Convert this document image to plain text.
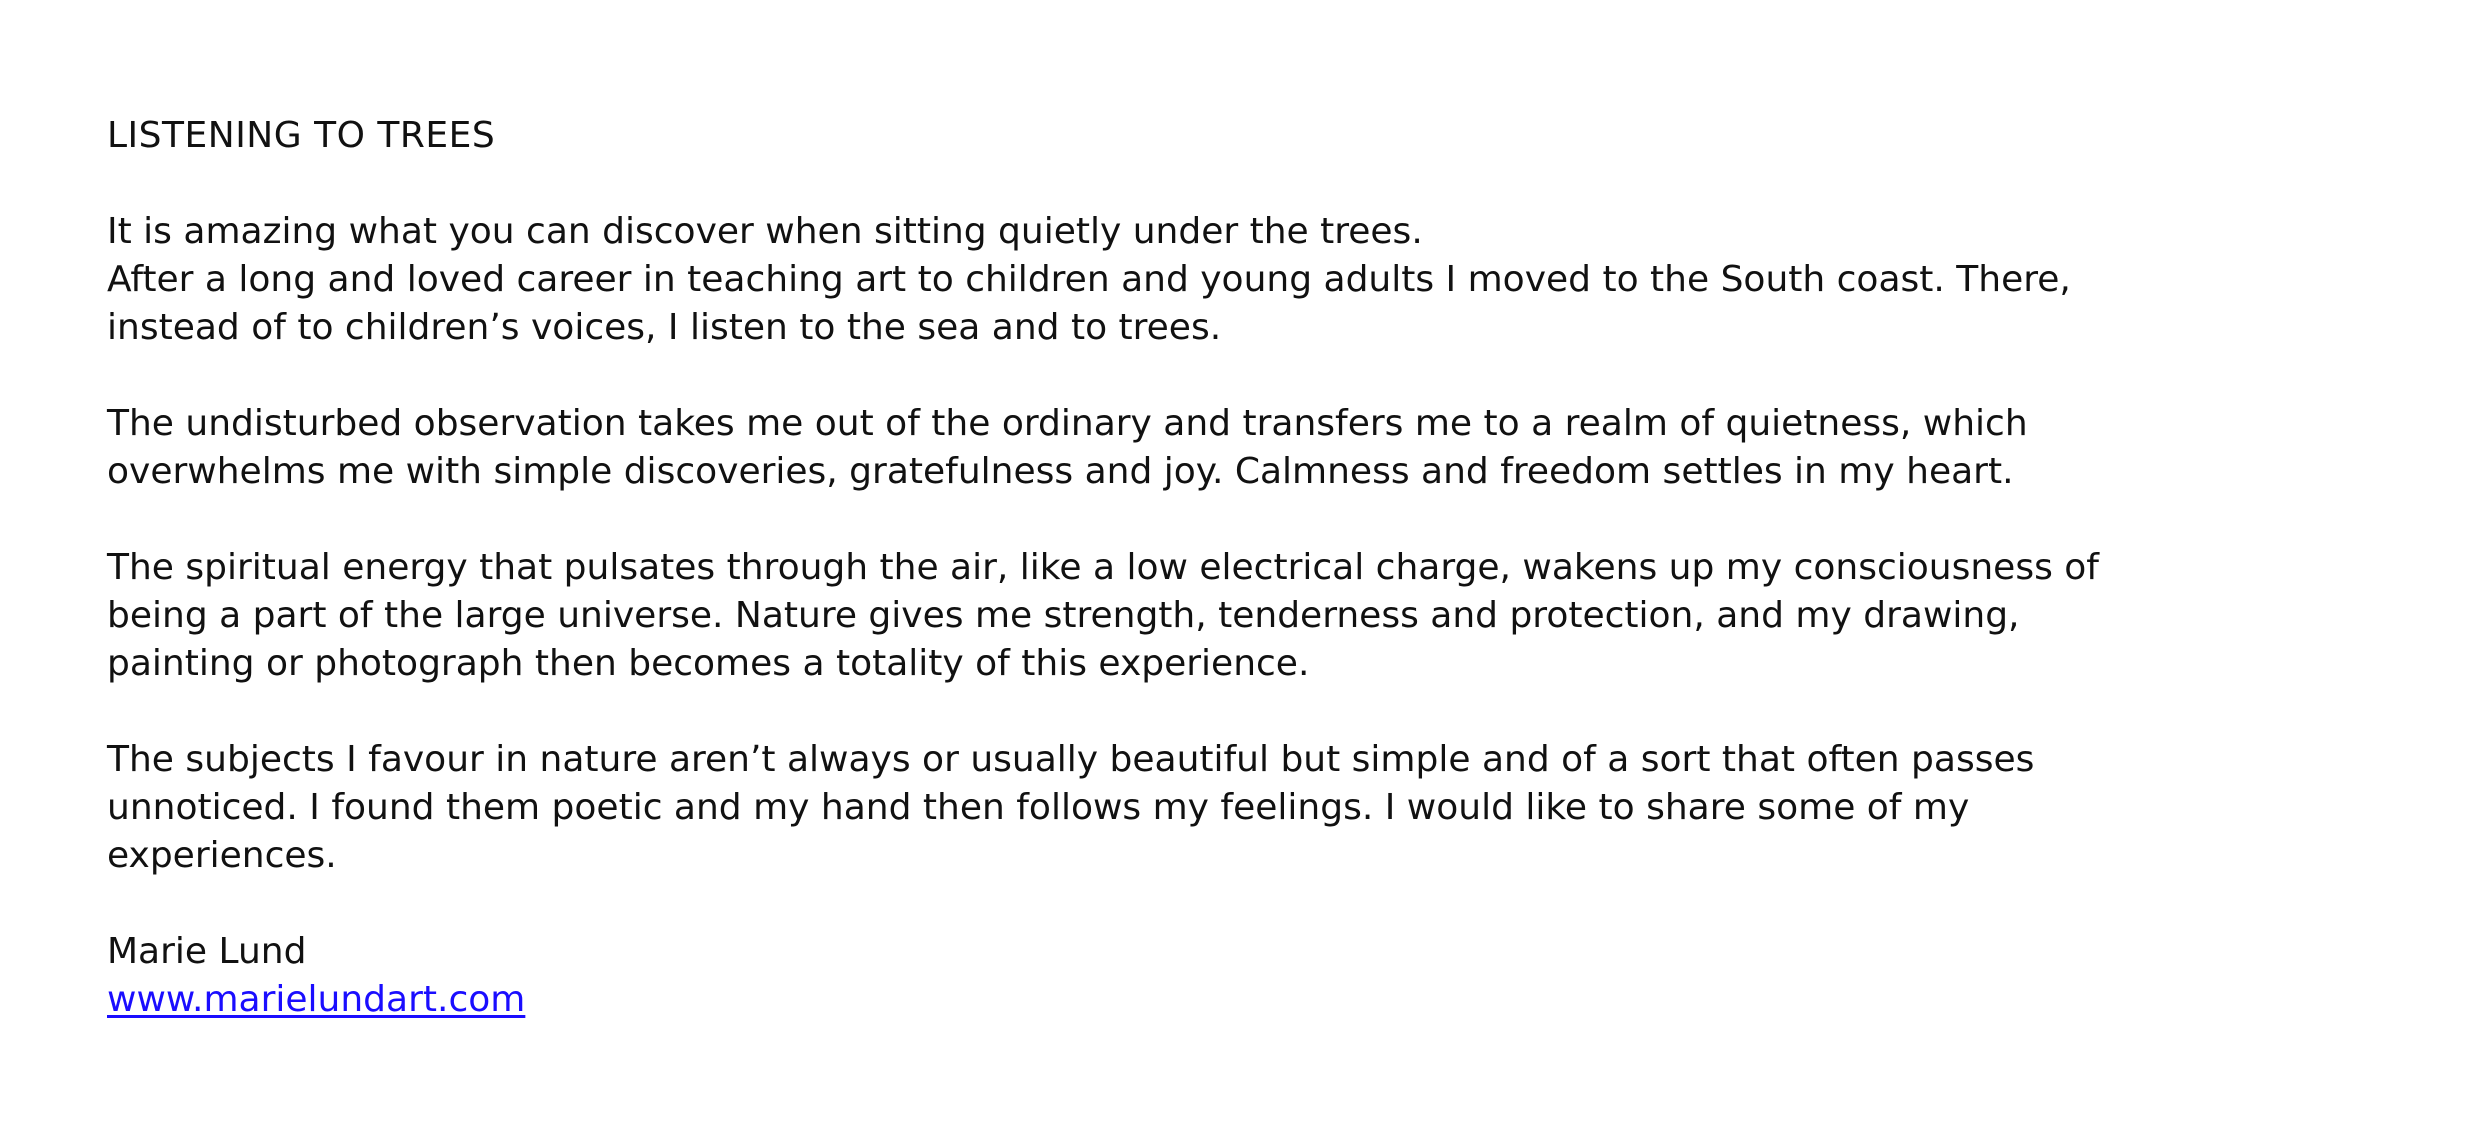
LISTENING TO TREES

It is amazing what you can discover when sitting quietly under the trees.
After a long and loved career in teaching art to children and young adults I moved to the South coast. There,
instead of to children’s voices, I listen to the sea and to trees.

The undisturbed observation takes me out of the ordinary and transfers me to a realm of quietness, which
overwhelms me with simple discoveries, gratefulness and joy. Calmness and freedom settles in my heart.

The spiritual energy that pulsates through the air, like a low electrical charge, wakens up my consciousness of
being a part of the large universe. Nature gives me strength, tenderness and protection, and my drawing,
painting or photograph then becomes a totality of this experience.

The subjects I favour in nature aren’t always or usually beautiful but simple and of a sort that often passes
unnoticed. I found them poetic and my hand then follows my feelings. I would like to share some of my
experiences.

Marie Lund
www.marielundart.com
